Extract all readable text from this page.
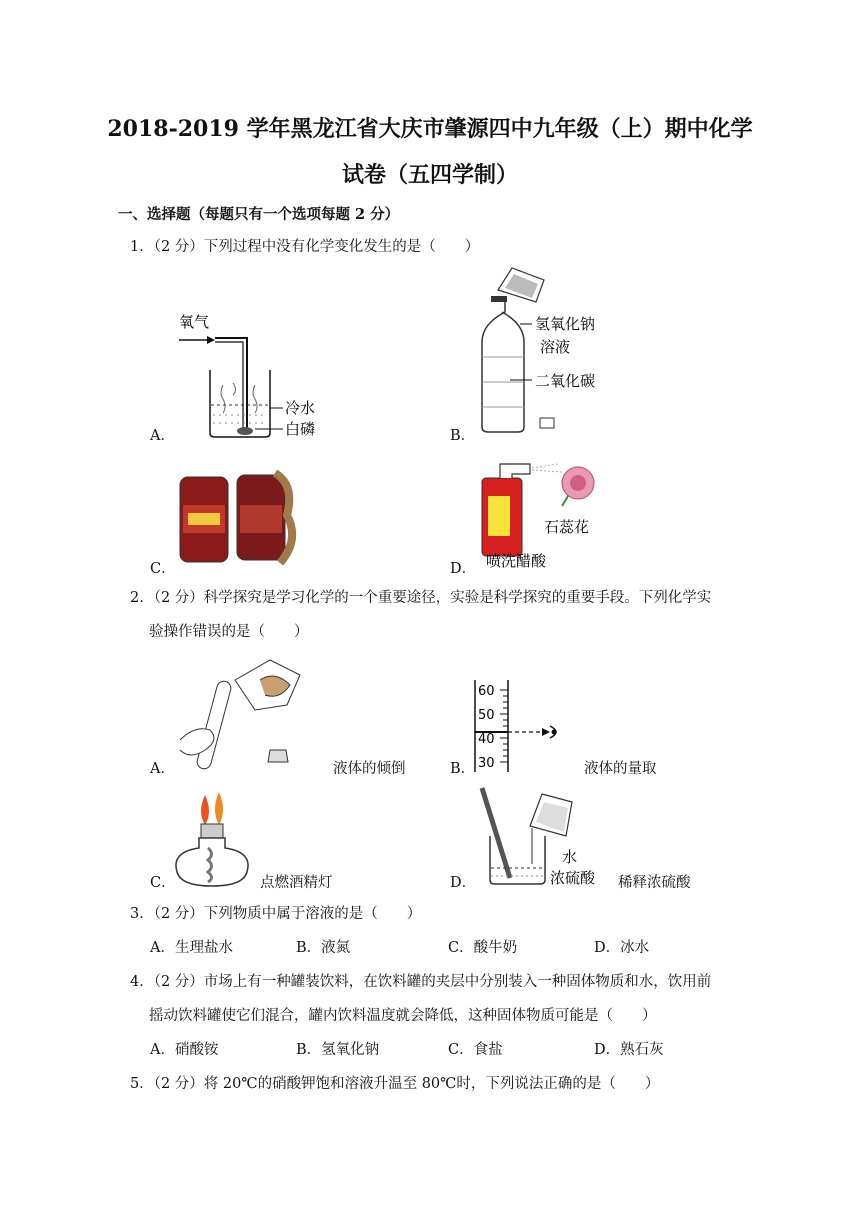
2018-2019 学年黑龙江省大庆市肇源四中九年级（上）期中化学
试卷（五四学制）
一、选择题（每题只有一个选项每题 2 分）
1．（2 分）下列过程中没有化学变化发生的是（　　）
A．
氧气
冷水
白磷	B．
氢氧化钠
溶液
二氧化碳
C．	D．
石蕊花
喷洗醋酸
2．（2 分）科学探究是学习化学的一个重要途径，实验是科学探究的重要手段。下列化学实
验操作错误的是（　　）
A．	液体的倾倒	B．
60
50
40
30	液体的量取
C．	点燃酒精灯	D．
水
浓硫酸 稀释浓硫酸
3．（2 分）下列物质中属于溶液的是（　　）
A．生理盐水	B．液氮	C．酸牛奶	D．冰水
4．（2 分）市场上有一种罐装饮料，在饮料罐的夹层中分别装入一种固体物质和水，饮用前
摇动饮料罐使它们混合，罐内饮料温度就会降低，这种固体物质可能是（　　）
A．硝酸铵	B．氢氧化钠	C．食盐	D．熟石灰
5．（2 分）将 20℃的硝酸钾饱和溶液升温至 80℃时，下列说法正确的是（　　）
